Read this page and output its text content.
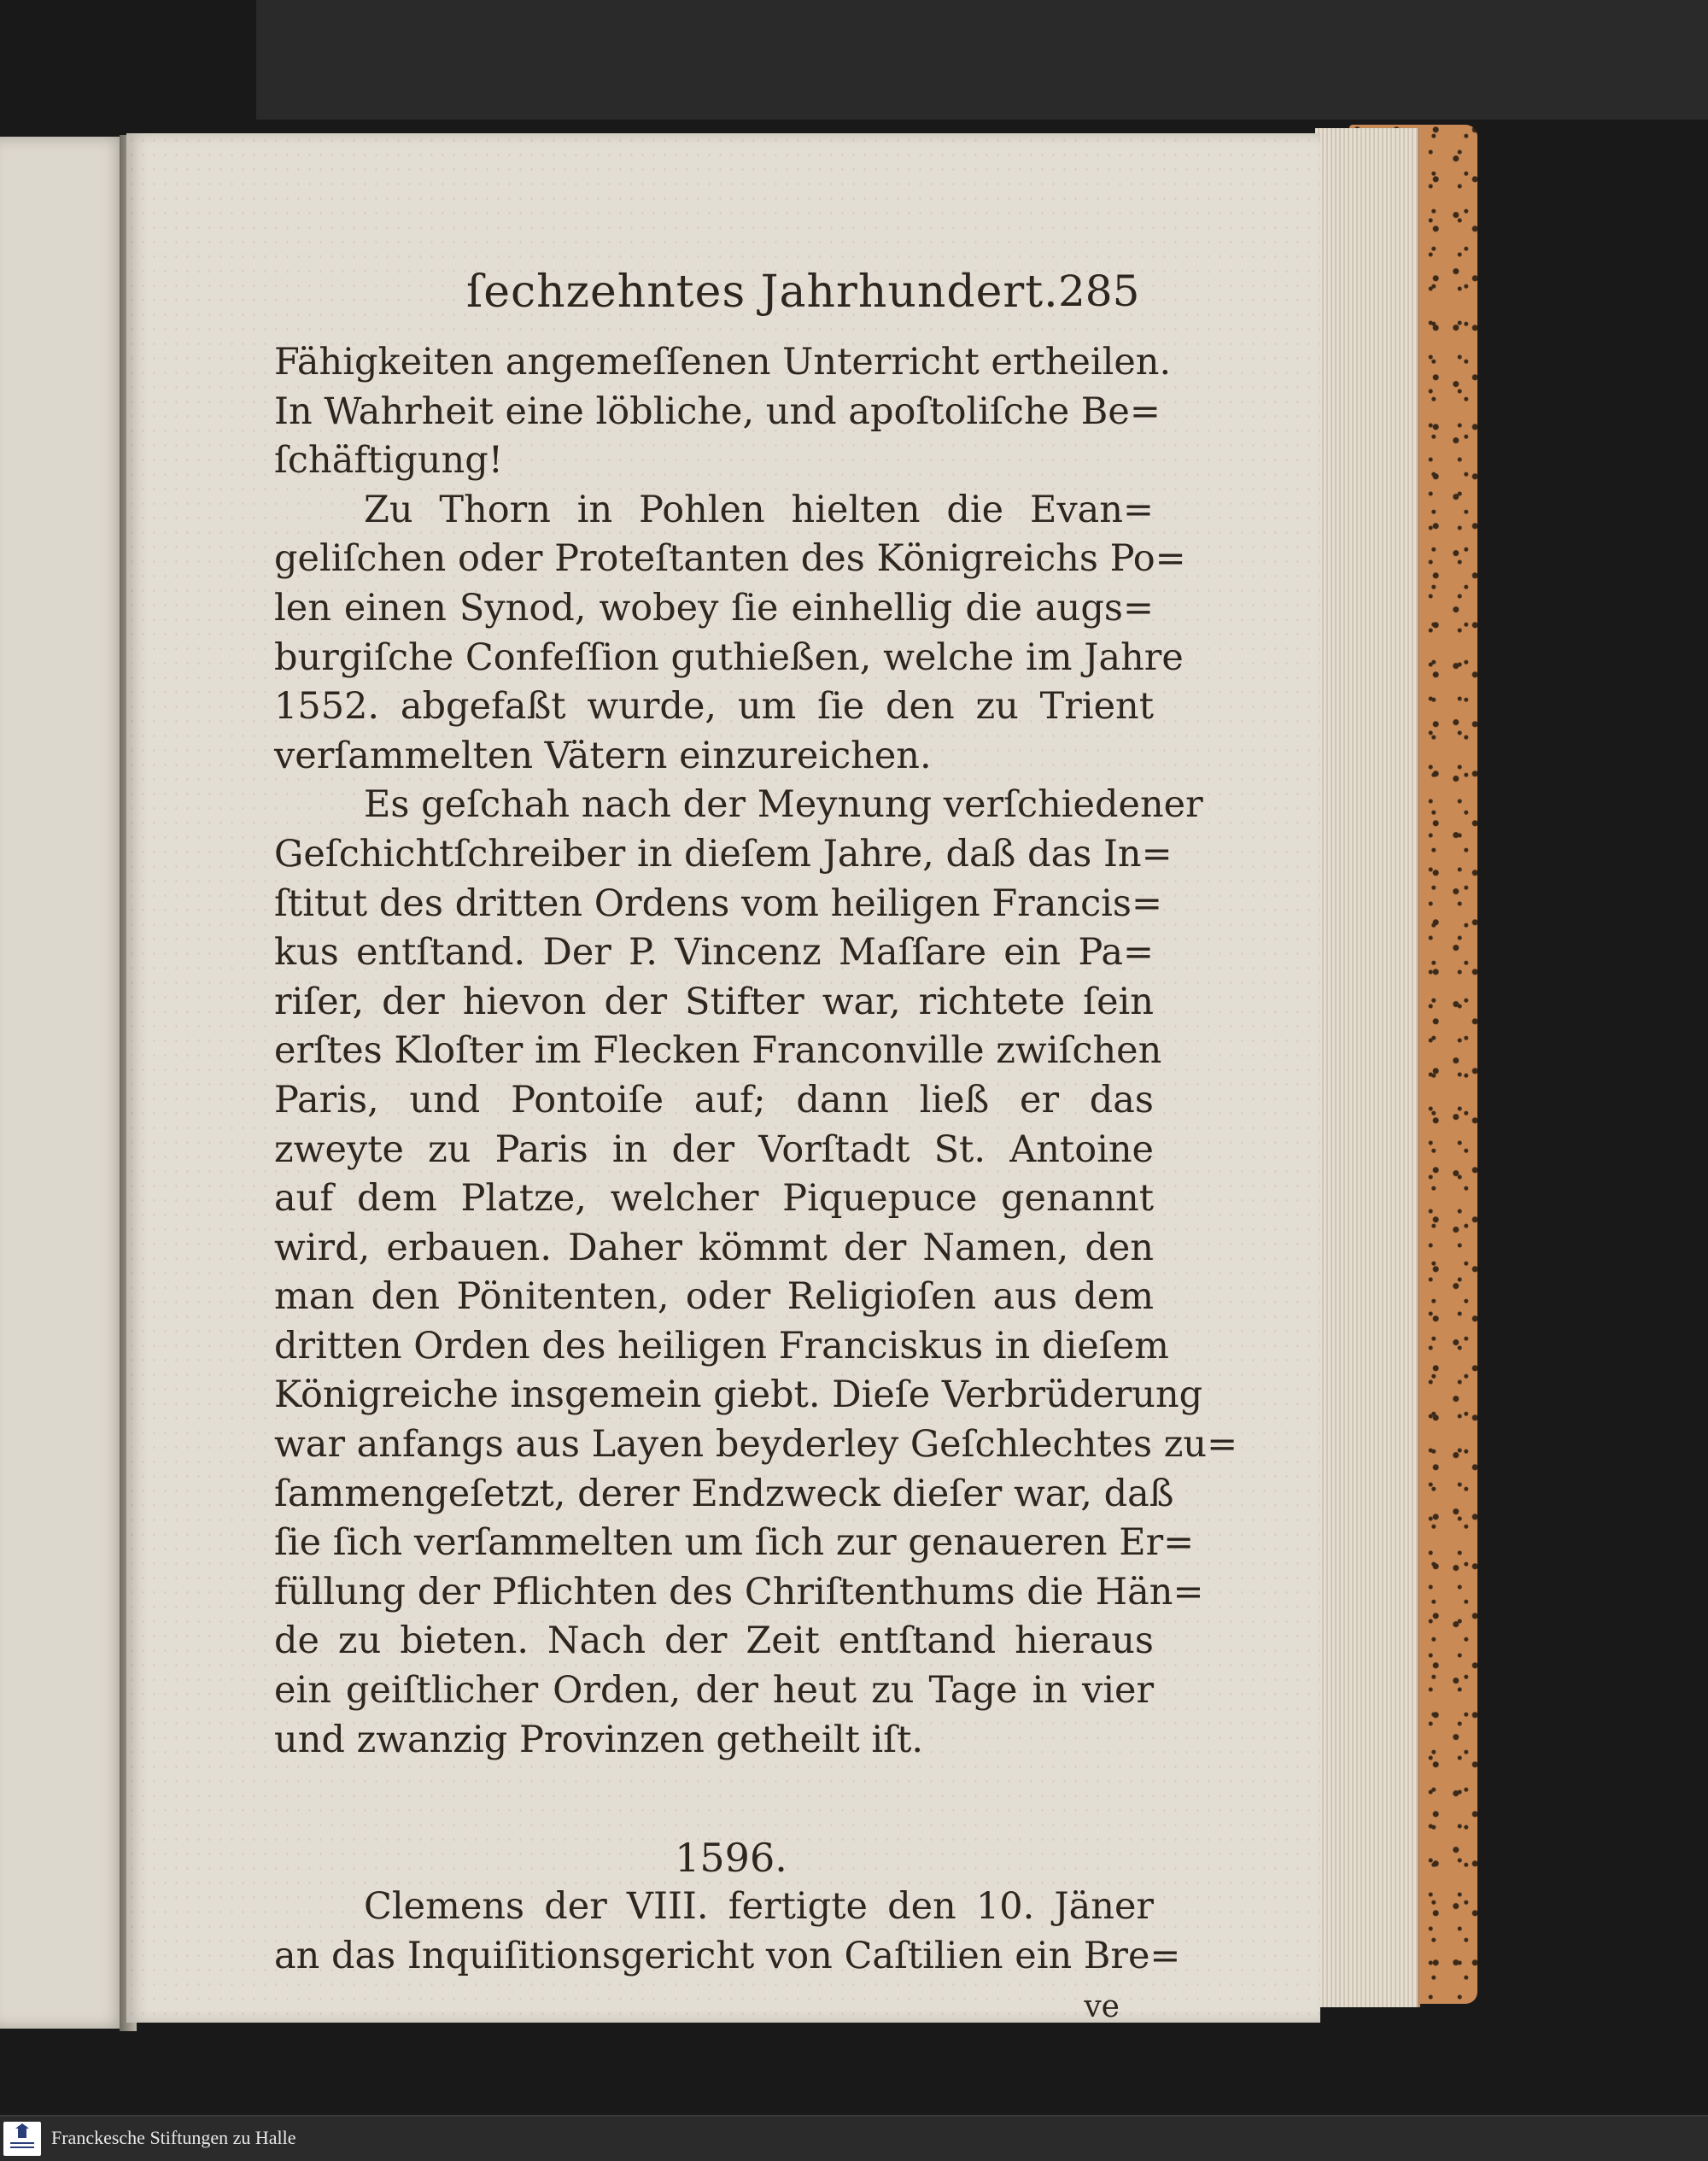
ſechzehntes Jahrhundert. 285
Fähigkeiten angemeſſenen Unterricht ertheilen.
In Wahrheit eine löbliche, und apoſtoliſche Be=
ſchäftigung!
Zu Thorn in Pohlen hielten die Evan=
geliſchen oder Proteſtanten des Königreichs Po=
len einen Synod, wobey ſie einhellig die augs=
burgiſche Confeſſion guthießen, welche im Jahre
1552. abgefaßt wurde, um ſie den zu Trient
verſammelten Vätern einzureichen.
Es geſchah nach der Meynung verſchiedener
Geſchichtſchreiber in dieſem Jahre, daß das In=
ſtitut des dritten Ordens vom heiligen Francis=
kus entſtand. Der P. Vincenz Maſſare ein Pa=
riſer, der hievon der Stifter war, richtete ſein
erſtes Kloſter im Flecken Franconville zwiſchen
Paris, und Pontoiſe auf; dann ließ er das
zweyte zu Paris in der Vorſtadt St. Antoine
auf dem Platze, welcher Piquepuce genannt
wird, erbauen. Daher kömmt der Namen, den
man den Pönitenten, oder Religioſen aus dem
dritten Orden des heiligen Franciskus in dieſem
Königreiche insgemein giebt. Dieſe Verbrüderung
war anfangs aus Layen beyderley Geſchlechtes zu=
ſammengeſetzt, derer Endzweck dieſer war, daß
ſie ſich verſammelten um ſich zur genaueren Er=
füllung der Pflichten des Chriſtenthums die Hän=
de zu bieten. Nach der Zeit entſtand hieraus
ein geiſtlicher Orden, der heut zu Tage in vier
und zwanzig Provinzen getheilt iſt.
1596.
Clemens der VIII. fertigte den 10. Jäner
an das Inquiſitionsgericht von Caſtilien ein Bre=
ve
Franckesche Stiftungen zu Halle
